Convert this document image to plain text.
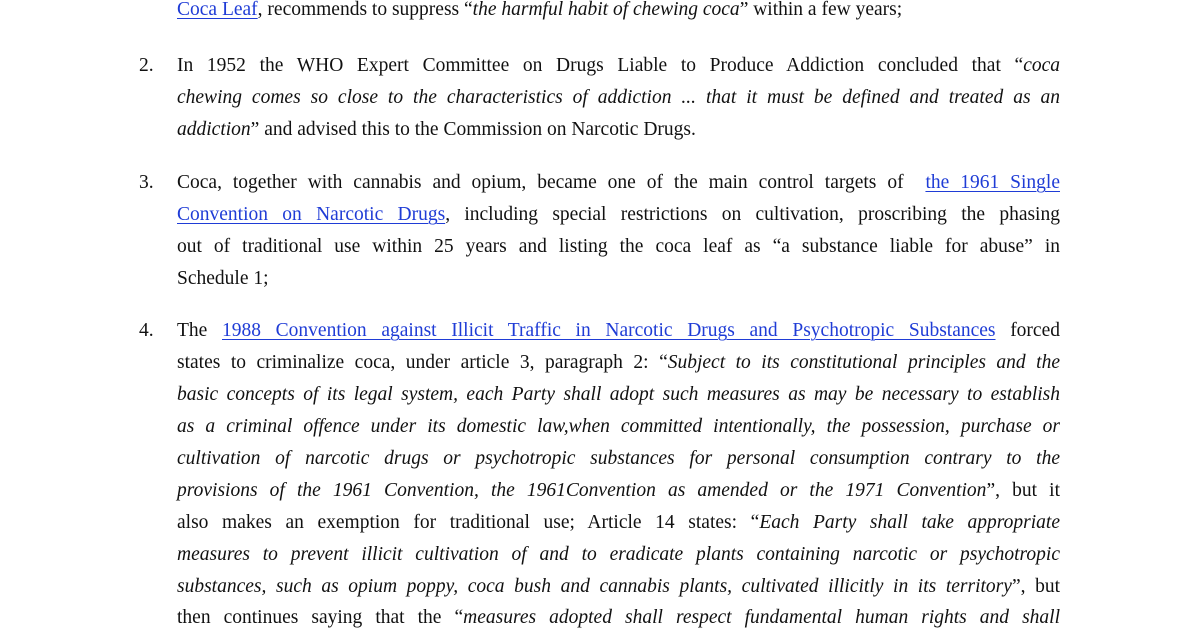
Coca Leaf, recommends to suppress “the harmful habit of chewing coca” within a few years;
2. In 1952 the WHO Expert Committee on Drugs Liable to Produce Addiction concluded that “coca
chewing comes so close to the characteristics of addiction ... that it must be defined and treated as an
addiction” and advised this to the Commission on Narcotic Drugs.
3. Coca, together with cannabis and opium, became one of the main control targets of the 1961 Single
Convention on Narcotic Drugs, including special restrictions on cultivation, proscribing the phasing
out of traditional use within 25 years and listing the coca leaf as “a substance liable for abuse” in
Schedule 1;
4. The 1988 Convention against Illicit Traffic in Narcotic Drugs and Psychotropic Substances forced
states to criminalize coca, under article 3, paragraph 2: “Subject to its constitutional principles and the
basic concepts of its legal system, each Party shall adopt such measures as may be necessary to establish
as a criminal offence under its domestic law,when committed intentionally, the possession, purchase or
cultivation of narcotic drugs or psychotropic substances for personal consumption contrary to the
provisions of the 1961 Convention, the 1961Convention as amended or the 1971 Convention”, but it
also makes an exemption for traditional use; Article 14 states: “Each Party shall take appropriate
measures to prevent illicit cultivation of and to eradicate plants containing narcotic or psychotropic
substances, such as opium poppy, coca bush and cannabis plants, cultivated illicitly in its territory”, but
then continues saying that the “measures adopted shall respect fundamental human rights and shall
